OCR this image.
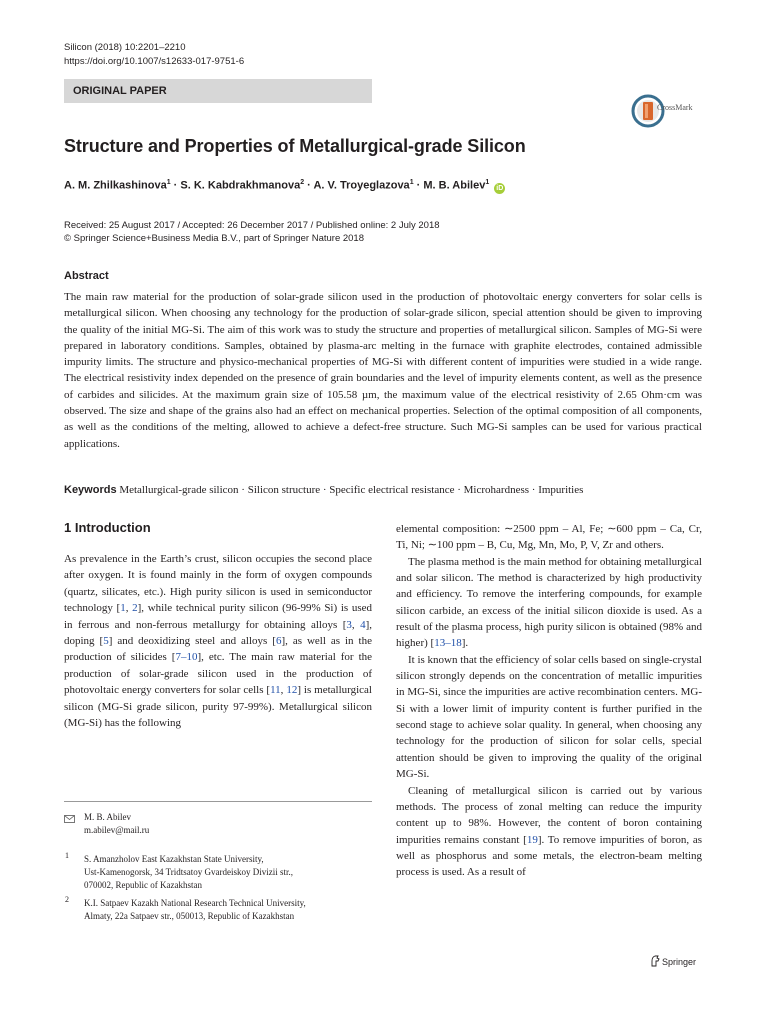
Silicon (2018) 10:2201–2210
https://doi.org/10.1007/s12633-017-9751-6
ORIGINAL PAPER
CrossMark
Structure and Properties of Metallurgical-grade Silicon
A. M. Zhilkashinova$^1$ · S. K. Kabdrakhmanova$^2$ · A. V. Troyeglazova$^1$ · M. B. Abilev$^1$ iD
Received: 25 August 2017 / Accepted: 26 December 2017 / Published online: 2 July 2018
© Springer Science+Business Media B.V., part of Springer Nature 2018
Abstract
The main raw material for the production of solar-grade silicon used in the production of photovoltaic energy converters for solar cells is metallurgical silicon. When choosing any technology for the production of solar-grade silicon, special attention should be given to improving the quality of the initial MG-Si. The aim of this work was to study the structure and properties of metallurgical silicon. Samples of MG-Si were prepared in laboratory conditions. Samples, obtained by plasma-arc melting in the furnace with graphite electrodes, contained admissible impurity limits. The structure and physico-mechanical properties of MG-Si with different content of impurities were studied in a wide range. The electrical resistivity index depended on the presence of grain boundaries and the level of impurity elements content, as well as the presence of carbides and silicides. At the maximum grain size of 105.58 µm, the maximum value of the electrical resistivity of 2.65 Ohm·cm was observed. The size and shape of the grains also had an effect on mechanical properties. Selection of the optimal composition of all components, as well as the conditions of the melting, allowed to achieve a defect-free structure. Such MG-Si samples can be used for various practical applications.
Keywords Metallurgical-grade silicon · Silicon structure · Specific electrical resistance · Microhardness · Impurities
1 Introduction

As prevalence in the Earth’s crust, silicon occupies the second place after oxygen. It is found mainly in the form of oxygen compounds (quartz, silicates, etc.). High purity silicon is used in semiconductor technology [1, 2], while technical purity silicon (96-99% Si) is used in ferrous and non-ferrous metallurgy for obtaining alloys [3, 4], doping [5] and deoxidizing steel and alloys [6], as well as in the production of silicides [7–10], etc. The main raw material for the production of solar-grade silicon used in the production of photovoltaic energy converters for solar cells [11, 12] is metallurgical silicon (MG-Si grade silicon, purity 97-99%). Metallurgical silicon (MG-Si) has the following

M. B. Abilev
m.abilev@mail.ru
1 S. Amanzholov East Kazakhstan State University,
Ust-Kamenogorsk, 34 Tridtsatoy Gvardeiskoy Divizii str.,
070002, Republic of Kazakhstan
2 K.I. Satpaev Kazakh National Research Technical University,
Almaty, 22a Satpaev str., 050013, Republic of Kazakhstan

elemental composition: ∼2500 ppm – Al, Fe; ∼600 ppm – Ca, Cr, Ti, Ni; ∼100 ppm – B, Cu, Mg, Mn, Mo, P, V, Zr and others.

The plasma method is the main method for obtaining metallurgical and solar silicon. The method is characterized by high productivity and efficiency. To remove the interfering compounds, for example silicon carbide, an excess of the initial silicon dioxide is used. As a result of the plasma process, high purity silicon is obtained (98% and higher) [13–18].

It is known that the efficiency of solar cells based on single-crystal silicon strongly depends on the concentration of metallic impurities in MG-Si, since the impurities are active recombination centers. MG-Si with a lower limit of impurity content is further purified in the second stage to achieve solar quality. In general, when choosing any technology for the production of silicon for solar cells, special attention should be given to improving the quality of the original MG-Si.

Cleaning of metallurgical silicon is carried out by various methods. The process of zonal melting can reduce the impurity content up to 98%. However, the content of boron containing impurities remains constant [19]. To remove impurities of boron, as well as phosphorus and some metals, the electron-beam melting process is used. As a result of

Springer
